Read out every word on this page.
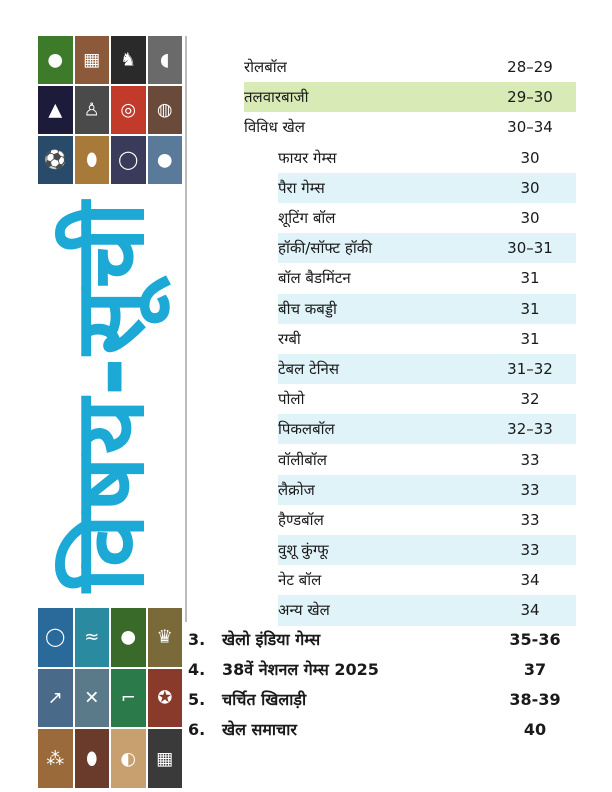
● ▦ ♞ ◖
▲ ♙ ◎ ◍
⚽ ⬮ ◯ ●
◯ ≈ ● ♛
↗ ✕ ⌐ ✪
⁂ ⬮ ◐ ▦
विषय-सूची
रोलबॉल	28–29
तलवारबाजी	29–30
विविध खेल	30–34
फायर गेम्स	30
पैरा गेम्स	30
शूटिंग बॉल	30
हॉकी/सॉफ्ट हॉकी	30–31
बॉल बैडमिंटन	31
बीच कबड्डी	31
रग्बी	31
टेबल टेनिस	31–32
पोलो	32
पिकलबॉल	32–33
वॉलीबॉल	33
लैक्रोज	33
हैण्डबॉल	33
वुशू कुंग्फू	33
नेट बॉल	34
अन्य खेल	34
3.	खेलो इंडिया गेम्स	35-36
4.	38वें नेशनल गेम्स 2025	37
5.	चर्चित खिलाड़ी	38-39
6.	खेल समाचार	40
